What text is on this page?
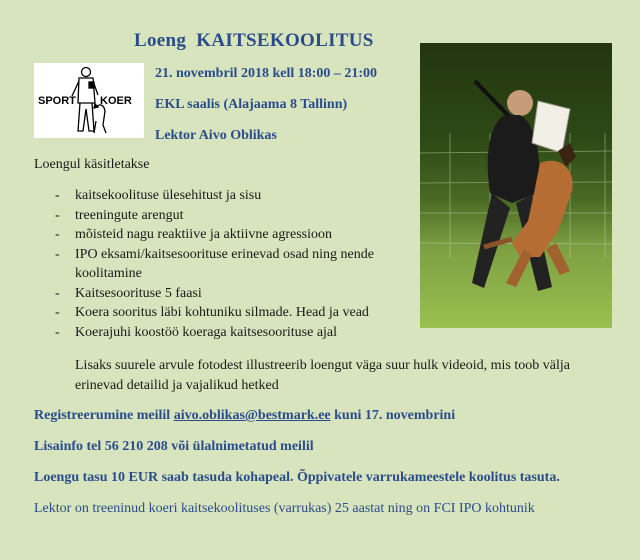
Loeng  KAITSEKOOLITUS
SPORT KOER
21. novembril 2018 kell 18:00 – 21:00
EKL saalis (Alajaama 8 Tallinn)
Lektor Aivo Oblikas
Loengul käsitletakse
- kaitsekoolituse ülesehitust ja sisu
- treeningute arengut
- mõisteid nagu reaktiive ja aktiivne agressioon
- IPO eksami/kaitsesoorituse erinevad osad ning nende koolitamine
- Kaitsesoorituse 5 faasi
- Koera sooritus läbi kohtuniku silmade. Head ja vead
- Koerajuhi koostöö koeraga kaitsesoorituse ajal
Lisaks suurele arvule fotodest illustreerib loengut väga suur hulk videoid, mis toob välja erinevad detailid ja vajalikud hetked
Registreerumine meilil aivo.oblikas@bestmark.ee kuni 17. novembrini
Lisainfo tel 56 210 208 või ülalnimetatud meilil
Loengu tasu 10 EUR saab tasuda kohapeal. Õppivatele varrukameestele koolitus tasuta.
Lektor on treeninud koeri kaitsekoolituses (varrukas) 25 aastat ning on FCI IPO kohtunik
